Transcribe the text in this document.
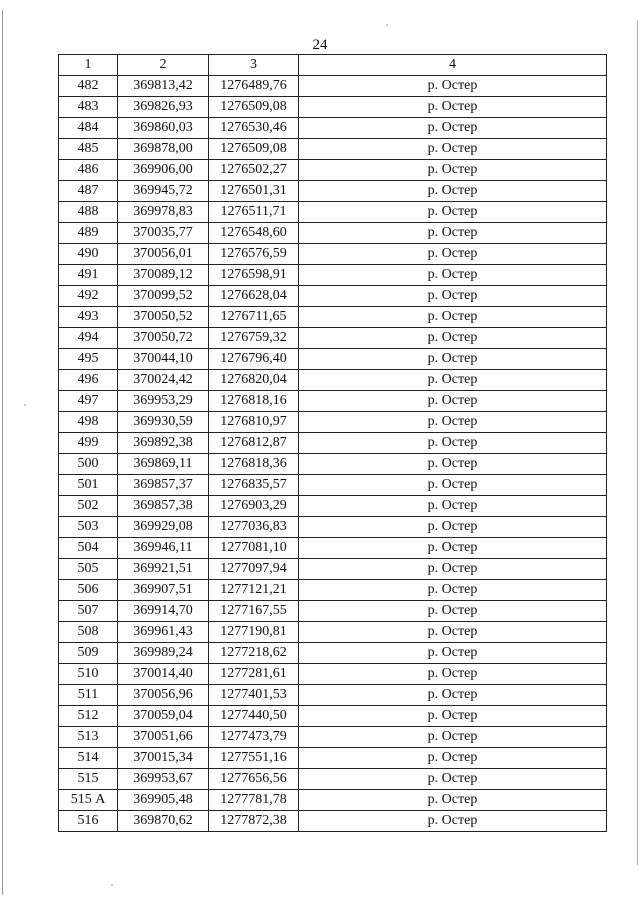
24
1	2	3	4
482	369813,42	1276489,76	р. Остер
483	369826,93	1276509,08	р. Остер
484	369860,03	1276530,46	р. Остер
485	369878,00	1276509,08	р. Остер
486	369906,00	1276502,27	р. Остер
487	369945,72	1276501,31	р. Остер
488	369978,83	1276511,71	р. Остер
489	370035,77	1276548,60	р. Остер
490	370056,01	1276576,59	р. Остер
491	370089,12	1276598,91	р. Остер
492	370099,52	1276628,04	р. Остер
493	370050,52	1276711,65	р. Остер
494	370050,72	1276759,32	р. Остер
495	370044,10	1276796,40	р. Остер
496	370024,42	1276820,04	р. Остер
497	369953,29	1276818,16	р. Остер
498	369930,59	1276810,97	р. Остер
499	369892,38	1276812,87	р. Остер
500	369869,11	1276818,36	р. Остер
501	369857,37	1276835,57	р. Остер
502	369857,38	1276903,29	р. Остер
503	369929,08	1277036,83	р. Остер
504	369946,11	1277081,10	р. Остер
505	369921,51	1277097,94	р. Остер
506	369907,51	1277121,21	р. Остер
507	369914,70	1277167,55	р. Остер
508	369961,43	1277190,81	р. Остер
509	369989,24	1277218,62	р. Остер
510	370014,40	1277281,61	р. Остер
511	370056,96	1277401,53	р. Остер
512	370059,04	1277440,50	р. Остер
513	370051,66	1277473,79	р. Остер
514	370015,34	1277551,16	р. Остер
515	369953,67	1277656,56	р. Остер
515 А	369905,48	1277781,78	р. Остер
516	369870,62	1277872,38	р. Остер
